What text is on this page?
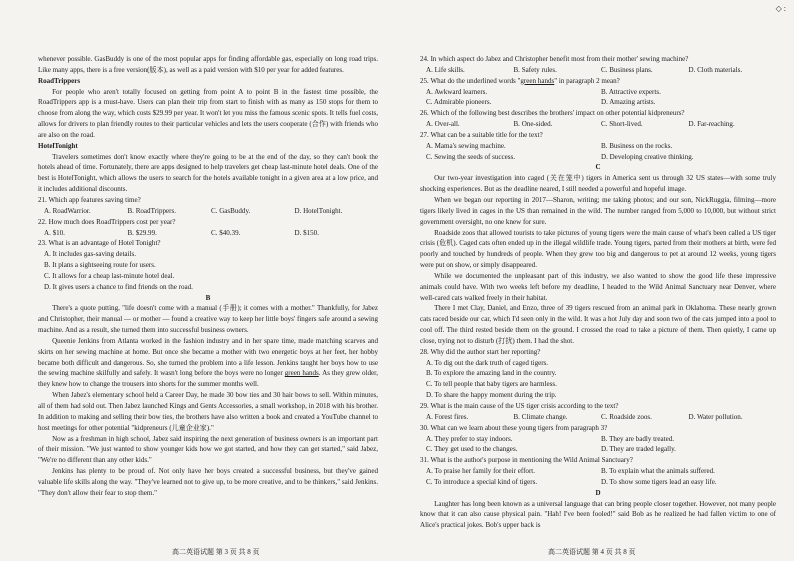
◇ :

whenever possible. GasBuddy is one of the most popular apps for finding affordable gas, especially on long road trips. Like many apps, there is a free version(版本), as well as a paid version with $10 per year for added features.

RoadTrippers

For people who aren't totally focused on getting from point A to point B in the fastest time possible, the RoadTrippers app is a must-have. Users can plan their trip from start to finish with as many as 150 stops for them to choose from along the way, which costs $29.99 per year. It won't let you miss the famous scenic spots. It tells fuel costs, allows for drivers to plan friendly routes to their particular vehicles and lets the users cooperate (合作) with friends who are also on the road.

HotelTonight

Travelers sometimes don't know exactly where they're going to be at the end of the day, so they can't book the hotels ahead of time. Fortunately, there are apps designed to help travelers get cheap last-minute hotel deals. One of the best is HotelTonight, which allows the users to search for the hotels available tonight in a given area at a low price, and it includes additional discounts.

21. Which app features saving time?

A. RoadWarrior.	B. RoadTrippers.	C. GasBuddy.	D. HotelTonight.

22. How much does RoadTrippers cost per year?

A. $10.	B. $29.99.	C. $40.39.	D. $150.

23. What is an advantage of Hotel Tonight?

A. It includes gas-saving details.

B. It plans a sightseeing route for users.

C. It allows for a cheap last-minute hotel deal.

D. It gives users a chance to find friends on the road.

B

There's a quote putting, "life doesn't come with a manual (手册); it comes with a mother." Thankfully, for Jabez and Christopher, their manual — or mother — found a creative way to keep her little boys' fingers safe around a sewing machine. And as a result, she turned them into successful business owners.

Queenie Jenkins from Atlanta worked in the fashion industry and in her spare time, made matching scarves and skirts on her sewing machine at home. But once she became a mother with two energetic boys at her feet, her hobby became both difficult and dangerous. So, she turned the problem into a life lesson. Jenkins taught her boys how to use the sewing machine skilfully and safely. It wasn't long before the boys were no longer green hands. As they grew older, they knew how to change the trousers into shorts for the summer months well.

When Jabez's elementary school held a Career Day, he made 30 bow ties and 30 hair bows to sell. Within minutes, all of them had sold out. Then Jabez launched Kings and Gents Accessories, a small workshop, in 2018 with his brother. In addition to making and selling their bow ties, the brothers have also written a book and created a YouTube channel to host meetings for other potential "kidpreneurs (儿童企业家)."

Now as a freshman in high school, Jabez said inspiring the next generation of business owners is an important part of their mission. "We just wanted to show younger kids how we got started, and how they can get started," said Jabez, "We're no different than any other kids."

Jenkins has plenty to be proud of. Not only have her boys created a successful business, but they've gained valuable life skills along the way. "They've learned not to give up, to be more creative, and to be thinkers," said Jenkins. "They don't allow their fear to stop them."

高二英语试题 第 3 页 共 8 页

24. In which aspect do Jabez and Christopher benefit most from their mother' sewing machine?

A. Life skills.	B. Safety rules.	C. Business plans.	D. Cloth materials.

25. What do the underlined words "green hands" in paragraph 2 mean?

A. Awkward learners.	B. Attractive experts.
C. Admirable pioneers.	D. Amazing artists.

26. Which of the following best describes the brothers' impact on other potential kidpreneurs?

A. Over-all.	B. One-sided.	C. Short-lived.	D. Far-reaching.

27. What can be a suitable title for the text?

A. Mama's sewing machine.	B. Business on the rocks.
C. Sewing the seeds of success.	D. Developing creative thinking.

C

Our two-year investigation into caged (关在笼中) tigers in America sent us through 32 US states—with some truly shocking experiences. But as the deadline neared, I still needed a powerful and hopeful image.

When we began our reporting in 2017—Sharon, writing; me taking photos; and our son, NickRuggia, filming—more tigers likely lived in cages in the US than remained in the wild. The number ranged from 5,000 to 10,000, but without strict government oversight, no one knew for sure.

Roadside zoos that allowed tourists to take pictures of young tigers were the main cause of what's been called a US tiger crisis (危机). Caged cats often ended up in the illegal wildlife trade. Young tigers, parted from their mothers at birth, were fed poorly and touched by hundreds of people. When they grew too big and dangerous to pet at around 12 weeks, young tigers were put on show, or simply disappeared.

While we documented the unpleasant part of this industry, we also wanted to show the good life these impressive animals could have. With two weeks left before my deadline, I headed to the Wild Animal Sanctuary near Denver, where well-cared cats walked freely in their habitat.

There I met Clay, Daniel, and Enzo, three of 39 tigers rescued from an animal park in Oklahoma. These nearly grown cats raced beside our car, which I'd seen only in the wild. It was a hot July day and soon two of the cats jumped into a pool to cool off. The third rested beside them on the ground. I crossed the road to take a picture of them. Then quietly, I came up close, trying not to disturb (打扰) them. I had the shot.

28. Why did the author start her reporting?

A. To dig out the dark truth of caged tigers.

B. To explore the amazing land in the country.

C. To tell people that baby tigers are harmless.

D. To share the happy moment during the trip.

29. What is the main cause of the US tiger crisis according to the text?

A. Forest fires.	B. Climate change.	C. Roadside zoos.	D. Water pollution.

30. What can we learn about these young tigers from paragraph 3?

A. They prefer to stay indoors.	B. They are badly treated.
C. They get used to the changes.	D. They are traded legally.

31. What is the author's purpose in mentioning the Wild Animal Sanctuary?

A. To praise her family for their effort.	B. To explain what the animals suffered.
C. To introduce a special kind of tigers.	D. To show some tigers lead an easy life.

D

Laughter has long been known as a universal language that can bring people closer together. However, not many people know that it can also cause physical pain. "Hah! I've been fooled!" said Bob as he realized he had fallen victim to one of Alice's practical jokes. Bob's upper back is

高二英语试题 第 4 页 共 8 页
